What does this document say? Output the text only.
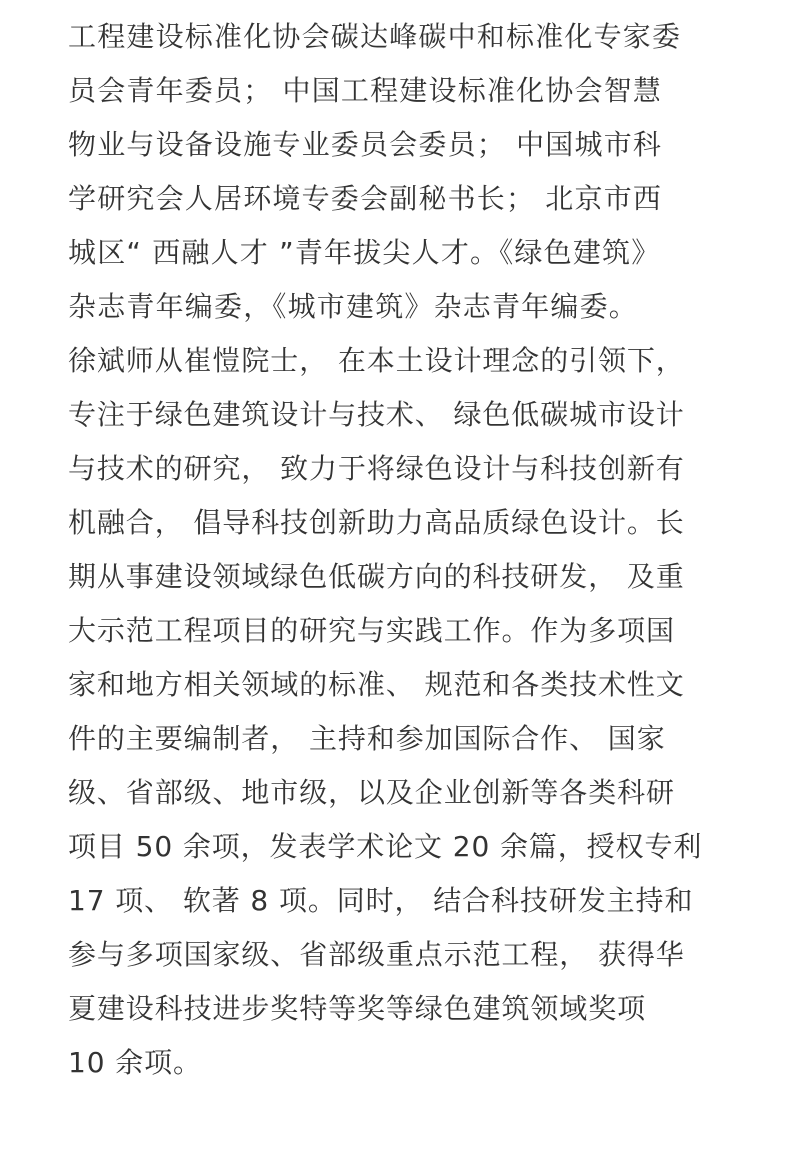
工程建设标准化协会碳达峰碳中和标准化专家委
员会青年委员； 中国工程建设标准化协会智慧
物业与设备设施专业委员会委员； 中国城市科
学研究会人居环境专委会副秘书长； 北京市西
城区“ 西融人才 ”青年拔尖人才。《绿色建筑》
杂志青年编委，《城市建筑》杂志青年编委。
徐斌师从崔愷院士， 在本土设计理念的引领下，
专注于绿色建筑设计与技术、 绿色低碳城市设计
与技术的研究， 致力于将绿色设计与科技创新有
机融合， 倡导科技创新助力高品质绿色设计。长
期从事建设领域绿色低碳方向的科技研发， 及重
大示范工程项目的研究与实践工作。作为多项国
家和地方相关领域的标准、 规范和各类技术性文
件的主要编制者， 主持和参加国际合作、 国家
级、省部级、地市级，以及企业创新等各类科研
项目 50 余项，发表学术论文 20 余篇，授权专利
17 项、 软著 8 项。同时， 结合科技研发主持和
参与多项国家级、省部级重点示范工程， 获得华
夏建设科技进步奖特等奖等绿色建筑领域奖项
10 余项。
